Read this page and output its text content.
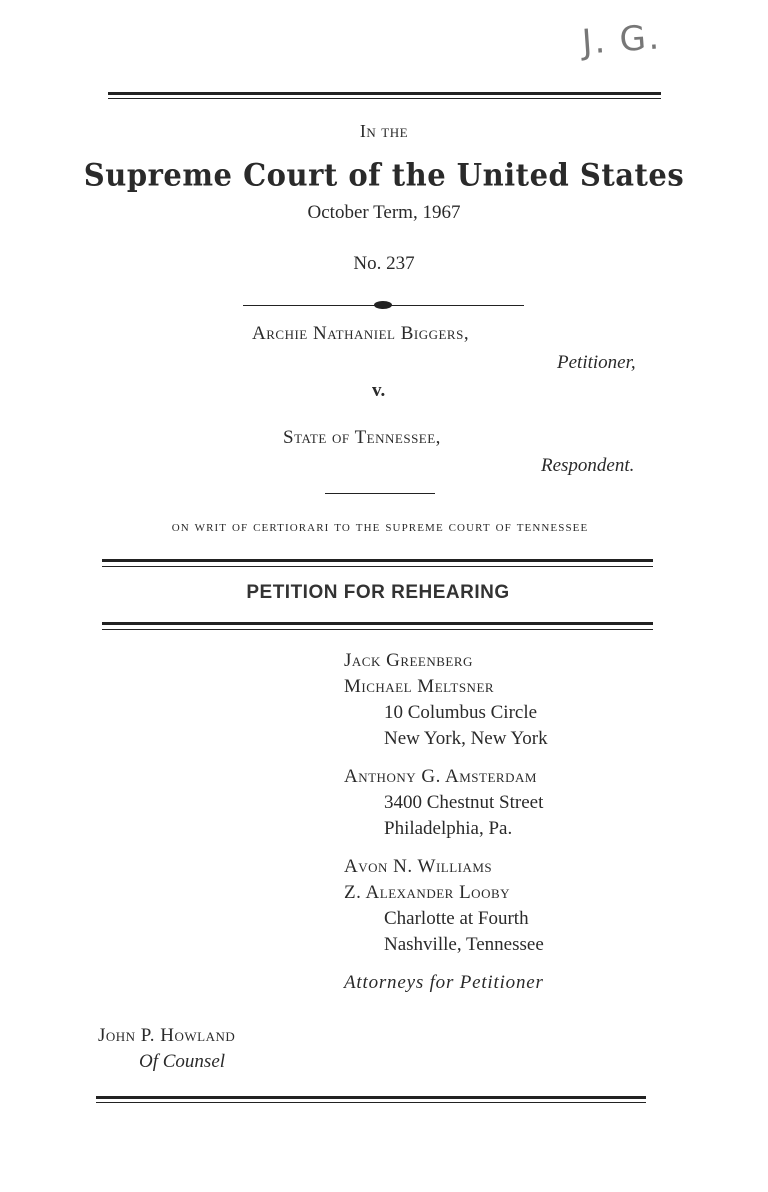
J. G.
In the
Supreme Court of the United States
October Term, 1967
No. 237
Archie Nathaniel Biggers,
Petitioner,
v.
State of Tennessee,
Respondent.
on writ of certiorari to the supreme court of tennessee
PETITION FOR REHEARING
Jack Greenberg
Michael Meltsner
10 Columbus Circle
New York, New York
Anthony G. Amsterdam
3400 Chestnut Street
Philadelphia, Pa.
Avon N. Williams
Z. Alexander Looby
Charlotte at Fourth
Nashville, Tennessee
Attorneys for Petitioner
John P. Howland
Of Counsel
